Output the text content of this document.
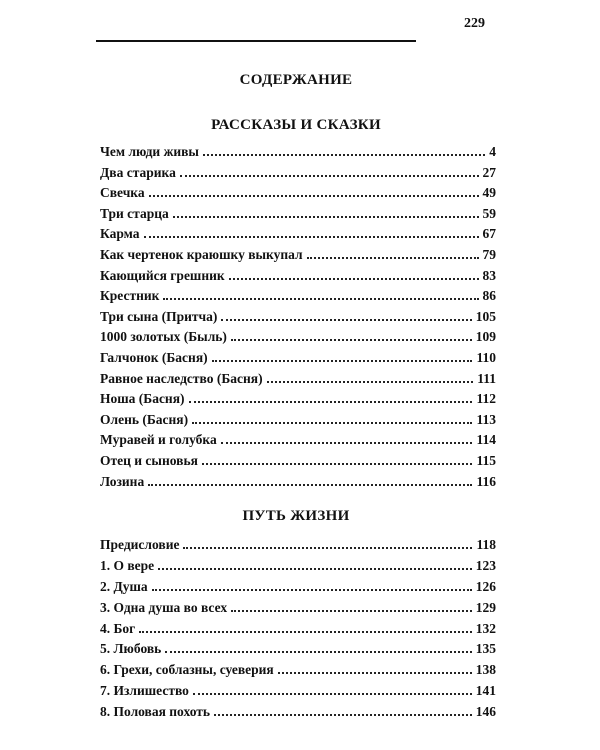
229
СОДЕРЖАНИЕ
РАССКАЗЫ И СКАЗКИ
Чем люди живы	4
Два старика	27
Свечка	49
Три старца	59
Карма	67
Как чертенок краюшку выкупал	79
Кающийся грешник	83
Крестник	86
Три сына (Притча)	105
1000 золотых (Быль)	109
Галчонок (Басня)	110
Равное наследство (Басня)	111
Ноша (Басня)	112
Олень (Басня)	113
Муравей и голубка	114
Отец и сыновья	115
Лозина	116
ПУТЬ ЖИЗНИ
Предисловие	118
1. О вере	123
2. Душа	126
3. Одна душа во всех	129
4. Бог	132
5. Любовь	135
6. Грехи, соблазны, суеверия	138
7. Излишество	141
8. Половая похоть	146
